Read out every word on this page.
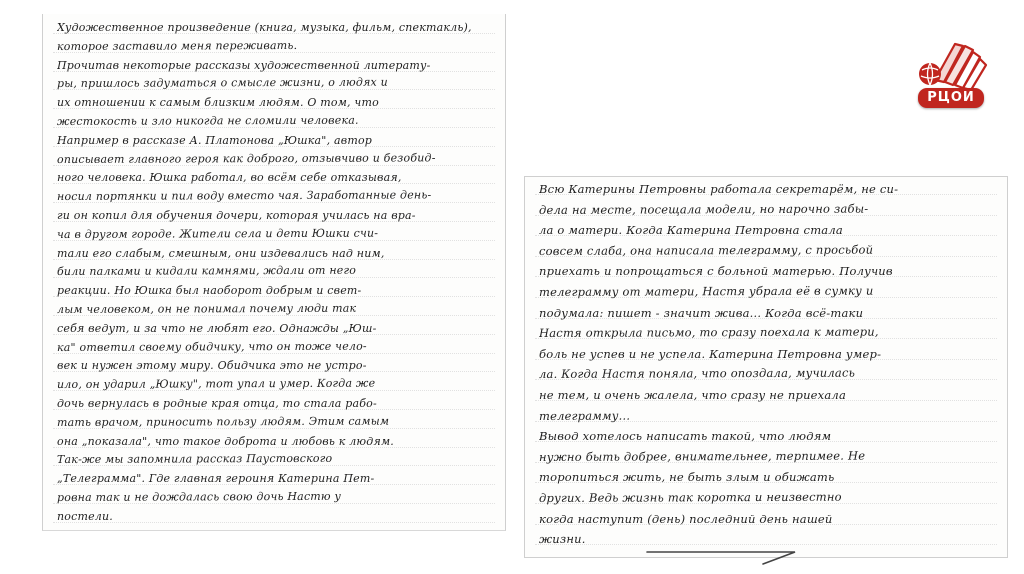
Художественное произведение (книга, музыка, фильм, спектакль),
которое заставило меня переживать.
Прочитав некоторые рассказы художественной литерату-
ры, пришлось задуматься о смысле жизни, о людях и
их отношении к самым близким людям. О том, что
жестокость и зло никогда не сломили человека.
Например в рассказе А. Платонова „Юшка", автор
описывает главного героя как доброго, отзывчиво и безобид-
ного человека. Юшка работал, во всём себе отказывая,
носил портянки и пил воду вместо чая. Заработанные день-
ги он копил для обучения дочери, которая училась на вра-
ча в другом городе. Жители села и дети Юшки счи-
тали его слабым, смешным, они издевались над ним,
били палками и кидали камнями, ждали от него
реакции. Но Юшка был наоборот добрым и свет-
лым человеком, он не понимал почему люди так
себя ведут, и за что не любят его. Однажды „Юш-
ка" ответил своему обидчику, что он тоже чело-
век и нужен этому миру. Обидчика это не устро-
ило, он ударил „Юшку", тот упал и умер. Когда же
дочь вернулась в родные края отца, то стала рабо-
тать врачом, приносить пользу людям. Этим самым
она „показала", что такое доброта и любовь к людям.
Так-же мы запомнила рассказ Паустовского
„Телеграмма". Где главная героиня Катерина Пет-
ровна так и не дождалась свою дочь Настю у
постели.
Всю Катерины Петровны работала секретарём, не си-
дела на месте, посещала модели, но нарочно забы-
ла о матери. Когда Катерина Петровна стала
совсем слаба, она написала телеграмму, с просьбой
приехать и попрощаться с больной матерью. Получив
телеграмму от матери, Настя убрала её в сумку и
подумала: пишет - значит жива... Когда всё-таки
Настя открыла письмо, то сразу поехала к матери,
боль не успев и не успела. Катерина Петровна умер-
ла. Когда Настя поняла, что опоздала, мучилась
не тем, и очень жалела, что сразу не приехала
телеграмму...
Вывод хотелось написать такой, что людям
нужно быть добрее, внимательнее, терпимее. Не
торопиться жить, не быть злым и обижать
других. Ведь жизнь так коротка и неизвестно
когда наступит (день) последний день нашей
жизни.
РЦОИ
